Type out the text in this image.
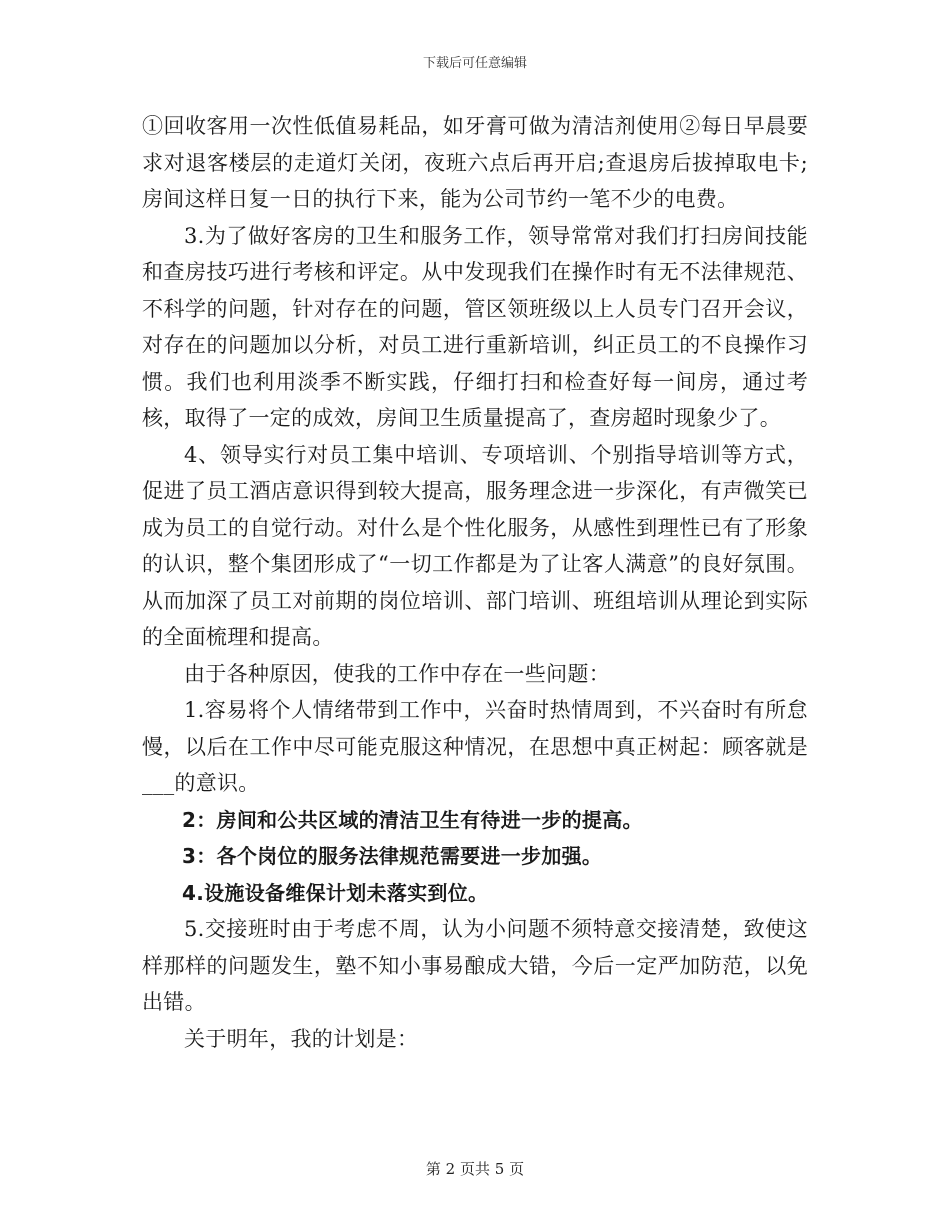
下载后可任意编辑

①回收客用一次性低值易耗品，如牙膏可做为清洁剂使用②每日早晨要求对退客楼层的走道灯关闭，夜班六点后再开启;查退房后拔掉取电卡;房间这样日复一日的执行下来，能为公司节约一笔不少的电费。

3.为了做好客房的卫生和服务工作，领导常常对我们打扫房间技能和查房技巧进行考核和评定。从中发现我们在操作时有无不法律规范、不科学的问题，针对存在的问题，管区领班级以上人员专门召开会议，对存在的问题加以分析，对员工进行重新培训，纠正员工的不良操作习惯。我们也利用淡季不断实践，仔细打扫和检查好每一间房，通过考核，取得了一定的成效，房间卫生质量提高了，查房超时现象少了。

4、领导实行对员工集中培训、专项培训、个别指导培训等方式，促进了员工酒店意识得到较大提高，服务理念进一步深化，有声微笑已成为员工的自觉行动。对什么是个性化服务，从感性到理性已有了形象的认识，整个集团形成了“一切工作都是为了让客人满意”的良好氛围。从而加深了员工对前期的岗位培训、部门培训、班组培训从理论到实际的全面梳理和提高。

由于各种原因，使我的工作中存在一些问题：

1.容易将个人情绪带到工作中，兴奋时热情周到，不兴奋时有所怠慢，以后在工作中尽可能克服这种情况，在思想中真正树起：顾客就是___的意识。

2：房间和公共区域的清洁卫生有待进一步的提高。

3：各个岗位的服务法律规范需要进一步加强。

4.设施设备维保计划未落实到位。

5.交接班时由于考虑不周，认为小问题不须特意交接清楚，致使这样那样的问题发生，塾不知小事易酿成大错，今后一定严加防范，以免出错。

关于明年，我的计划是：

第 2 页共 5 页
